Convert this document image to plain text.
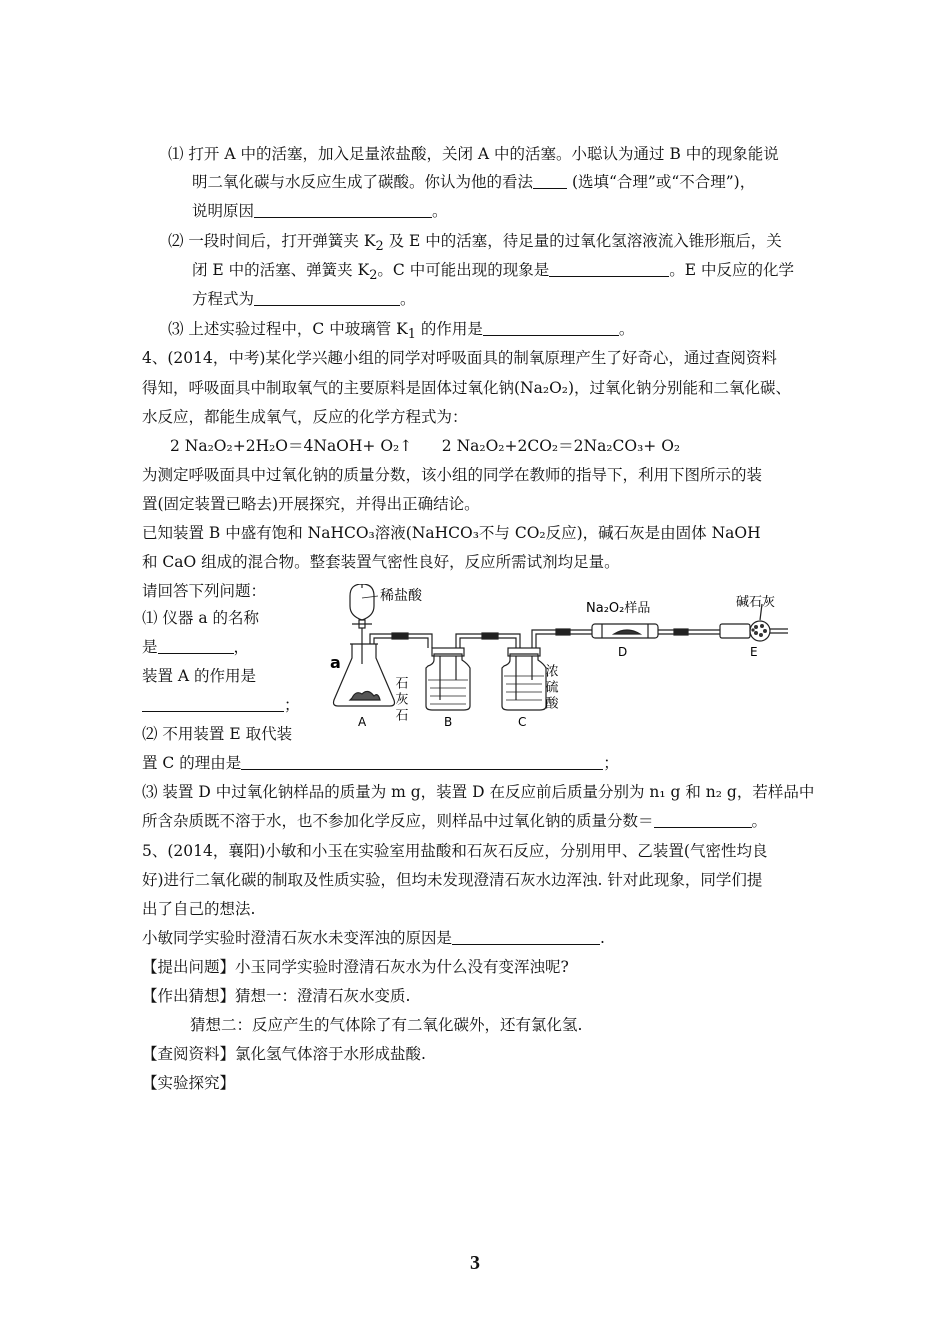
⑴ 打开 A 中的活塞，加入足量浓盐酸，关闭 A 中的活塞。小聪认为通过 B 中的现象能说
明二氧化碳与水反应生成了碳酸。你认为他的看法 (选填“合理”或“不合理”)，
说明原因	。
⑵ 一段时间后，打开弹簧夹 $K_2$ 及 E 中的活塞，待足量的过氧化氢溶液流入锥形瓶后，关
闭 E 中的活塞、弹簧夹 $K_2$。C 中可能出现的现象是	。E 中反应的化学
方程式为	。
⑶ 上述实验过程中，C 中玻璃管 $K_1$ 的作用是	。
4、(2014，中考)某化学兴趣小组的同学对呼吸面具的制氧原理产生了好奇心，通过查阅资料
得知，呼吸面具中制取氧气的主要原料是固体过氧化钠(Na₂O₂)，过氧化钠分别能和二氧化碳、
水反应，都能生成氧气，反应的化学方程式为：
2 Na₂O₂+2H₂O＝4NaOH+ O₂↑      2 Na₂O₂+2CO₂＝2Na₂CO₃+ O₂
为测定呼吸面具中过氧化钠的质量分数，该小组的同学在教师的指导下，利用下图所示的装
置(固定装置已略去)开展探究，并得出正确结论。
已知装置 B 中盛有饱和 NaHCO₃溶液(NaHCO₃不与 CO₂反应)，碱石灰是由固体 NaOH
和 CaO 组成的混合物。整套装置气密性良好，反应所需试剂均足量。
请回答下列问题：
⑴ 仪器 a 的名称
是	，
装置 A 的作用是
；
⑵ 不用装置 E 取代装
置 C 的理由是	；
⑶ 装置 D 中过氧化钠样品的质量为 m g，装置 D 在反应前后质量分别为 n₁ g 和 n₂ g，若样品中
所含杂质既不溶于水，也不参加化学反应，则样品中过氧化钠的质量分数＝	。
稀盐酸
a
石灰石	浓硫酸
Na₂O₂样品	碱石灰
A	B	C
D	E
5、(2014，襄阳)小敏和小玉在实验室用盐酸和石灰石反应，分别用甲、乙装置(气密性均良
好)进行二氧化碳的制取及性质实验，但均未发现澄清石灰水边浑浊. 针对此现象，同学们提
出了自己的想法.
小敏同学实验时澄清石灰水未变浑浊的原因是	.
【提出问题】小玉同学实验时澄清石灰水为什么没有变浑浊呢?
【作出猜想】猜想一：澄清石灰水变质.
猜想二：反应产生的气体除了有二氧化碳外，还有氯化氢.
【查阅资料】氯化氢气体溶于水形成盐酸.
【实验探究】
3
